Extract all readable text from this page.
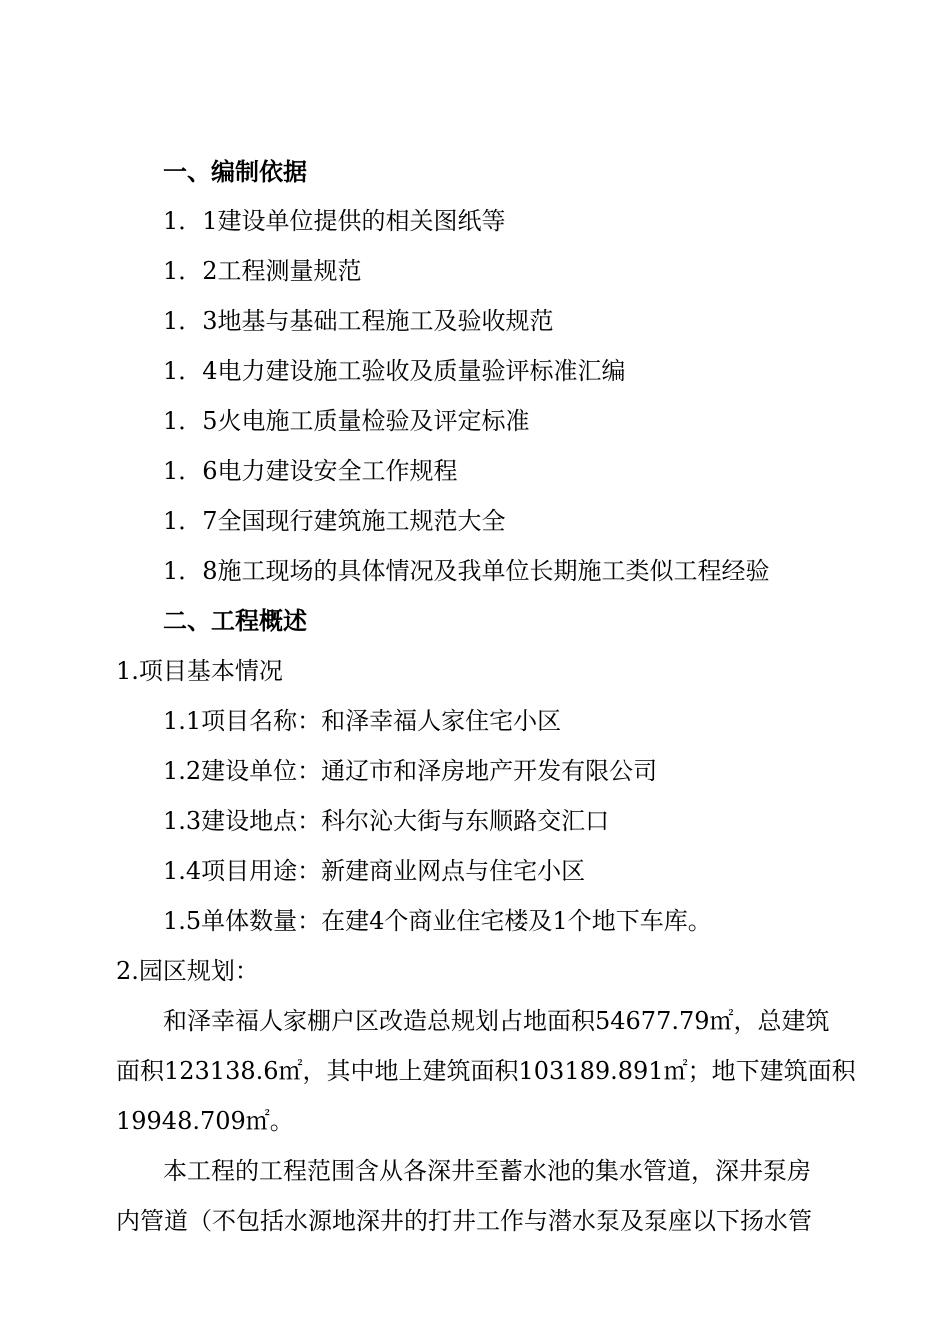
一、编制依据
1．1建设单位提供的相关图纸等
1．2工程测量规范
1．3地基与基础工程施工及验收规范
1．4电力建设施工验收及质量验评标准汇编
1．5火电施工质量检验及评定标准
1．6电力建设安全工作规程
1．7全国现行建筑施工规范大全
1．8施工现场的具体情况及我单位长期施工类似工程经验
二、工程概述
1.项目基本情况
1.1项目名称：和泽幸福人家住宅小区
1.2建设单位：通辽市和泽房地产开发有限公司
1.3建设地点：科尔沁大街与东顺路交汇口
1.4项目用途：新建商业网点与住宅小区
1.5单体数量：在建4个商业住宅楼及1个地下车库。
2.园区规划：
和泽幸福人家棚户区改造总规划占地面积54677.79㎡，总建筑
面积123138.6㎡，其中地上建筑面积103189.891㎡；地下建筑面积
19948.709㎡。
本工程的工程范围含从各深井至蓄水池的集水管道，深井泵房
内管道（不包括水源地深井的打井工作与潜水泵及泵座以下扬水管
